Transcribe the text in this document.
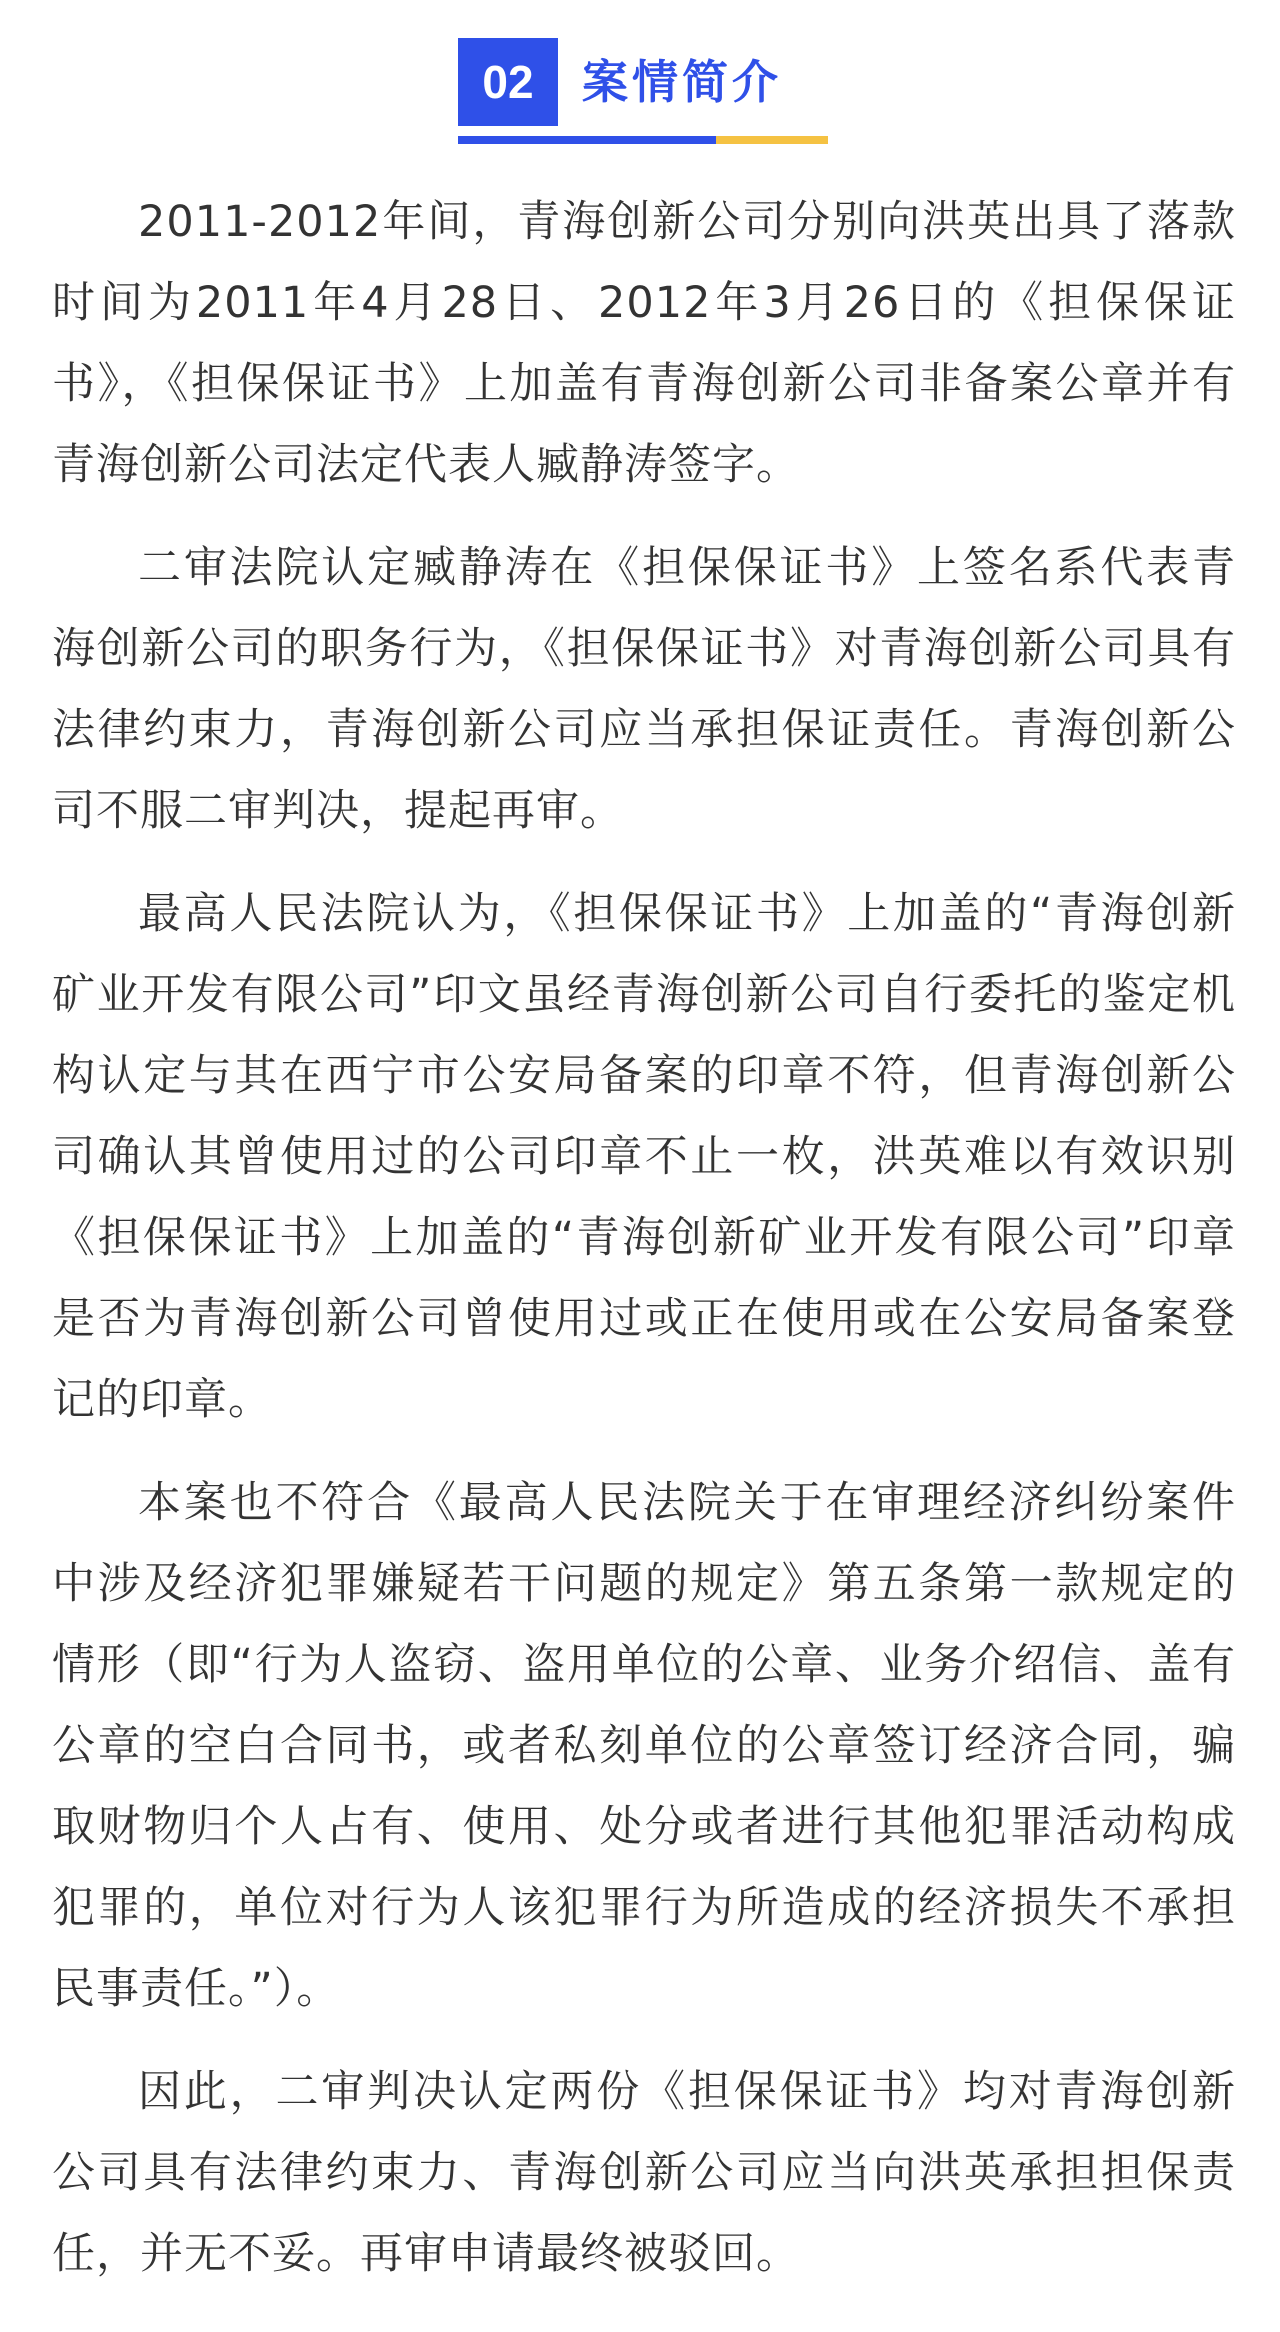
02	案情简介

2011-2012年间，青海创新公司分别向洪英出具了落款时间为2011年4月28日、2012年3月26日的《担保保证书》，《担保保证书》上加盖有青海创新公司非备案公章并有青海创新公司法定代表人臧静涛签字。

二审法院认定臧静涛在《担保保证书》上签名系代表青海创新公司的职务行为，《担保保证书》对青海创新公司具有法律约束力，青海创新公司应当承担保证责任。青海创新公司不服二审判决，提起再审。

最高人民法院认为，《担保保证书》上加盖的“青海创新矿业开发有限公司”印文虽经青海创新公司自行委托的鉴定机构认定与其在西宁市公安局备案的印章不符，但青海创新公司确认其曾使用过的公司印章不止一枚，洪英难以有效识别《担保保证书》上加盖的“青海创新矿业开发有限公司”印章是否为青海创新公司曾使用过或正在使用或在公安局备案登记的印章。

本案也不符合《最高人民法院关于在审理经济纠纷案件中涉及经济犯罪嫌疑若干问题的规定》第五条第一款规定的情形（即“行为人盗窃、盗用单位的公章、业务介绍信、盖有公章的空白合同书，或者私刻单位的公章签订经济合同，骗取财物归个人占有、使用、处分或者进行其他犯罪活动构成犯罪的，单位对行为人该犯罪行为所造成的经济损失不承担民事责任。”）。

因此，二审判决认定两份《担保保证书》均对青海创新公司具有法律约束力、青海创新公司应当向洪英承担担保责任，并无不妥。再审申请最终被驳回。
